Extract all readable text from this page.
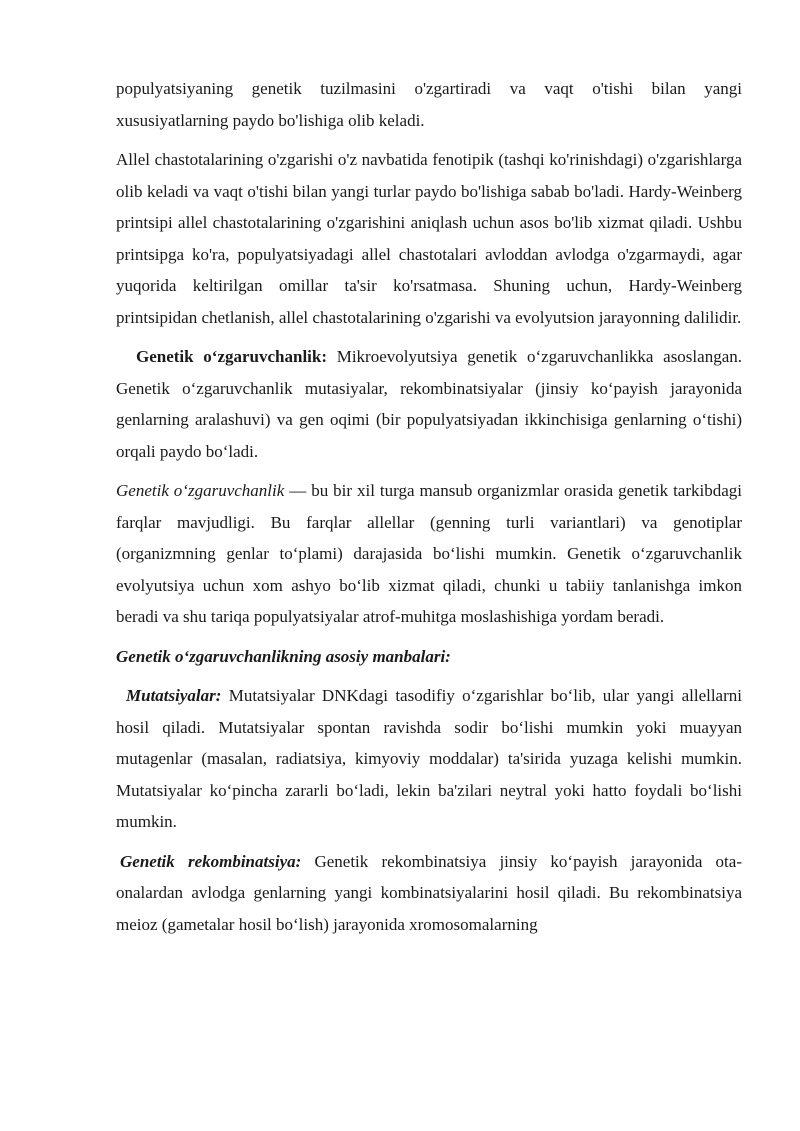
populyatsiyaning genetik tuzilmasini o'zgartiradi va vaqt o'tishi bilan yangi xususiyatlarning paydo bo'lishiga olib keladi.

Allel chastotalarining o'zgarishi o'z navbatida fenotipik (tashqi ko'rinishdagi) o'zgarishlarga olib keladi va vaqt o'tishi bilan yangi turlar paydo bo'lishiga sabab bo'ladi. Hardy-Weinberg printsipi allel chastotalarining o'zgarishini aniqlash uchun asos bo'lib xizmat qiladi. Ushbu printsipga ko'ra, populyatsiyadagi allel chastotalari avloddan avlodga o'zgarmaydi, agar yuqorida keltirilgan omillar ta'sir ko'rsatmasa. Shuning uchun, Hardy-Weinberg printsipidan chetlanish, allel chastotalarining o'zgarishi va evolyutsion jarayonning dalilidir.

Genetik o‘zgaruvchanlik: Mikroevolyutsiya genetik o‘zgaruvchanlikka asoslangan. Genetik o‘zgaruvchanlik mutasiyalar, rekombinatsiyalar (jinsiy ko‘payish jarayonida genlarning aralashuvi) va gen oqimi (bir populyatsiyadan ikkinchisiga genlarning o‘tishi) orqali paydo bo‘ladi.

Genetik o‘zgaruvchanlik — bu bir xil turga mansub organizmlar orasida genetik tarkibdagi farqlar mavjudligi. Bu farqlar allellar (genning turli variantlari) va genotiplar (organizmning genlar to‘plami) darajasida bo‘lishi mumkin. Genetik o‘zgaruvchanlik evolyutsiya uchun xom ashyo bo‘lib xizmat qiladi, chunki u tabiiy tanlanishga imkon beradi va shu tariqa populyatsiyalar atrof-muhitga moslashishiga yordam beradi.

Genetik o‘zgaruvchanlikning asosiy manbalari:

Mutatsiyalar: Mutatsiyalar DNKdagi tasodifiy o‘zgarishlar bo‘lib, ular yangi allellarni hosil qiladi. Mutatsiyalar spontan ravishda sodir bo‘lishi mumkin yoki muayyan mutagenlar (masalan, radiatsiya, kimyoviy moddalar) ta'sirida yuzaga kelishi mumkin. Mutatsiyalar ko‘pincha zararli bo‘ladi, lekin ba'zilari neytral yoki hatto foydali bo‘lishi mumkin.

Genetik rekombinatsiya: Genetik rekombinatsiya jinsiy ko‘payish jarayonida ota-onalardan avlodga genlarning yangi kombinatsiyalarini hosil qiladi. Bu rekombinatsiya meioz (gametalar hosil bo‘lish) jarayonida xromosomalarning
